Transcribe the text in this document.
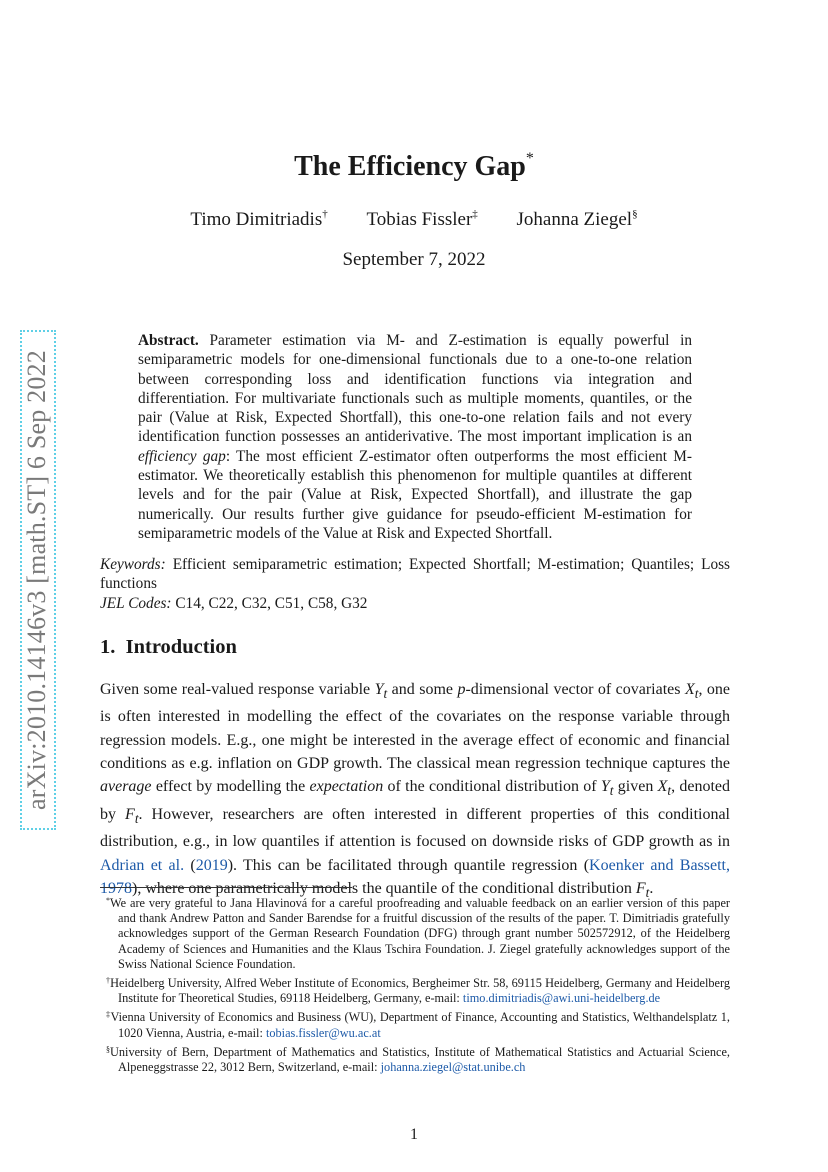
arXiv:2010.14146v3 [math.ST] 6 Sep 2022
The Efficiency Gap*
Timo Dimitriadis† Tobias Fissler‡ Johanna Ziegel§
September 7, 2022
Abstract. Parameter estimation via M- and Z-estimation is equally powerful in semiparametric models for one-dimensional functionals due to a one-to-one relation between corresponding loss and identification functions via integration and differentiation. For multivariate functionals such as multiple moments, quantiles, or the pair (Value at Risk, Expected Shortfall), this one-to-one relation fails and not every identification function possesses an antiderivative. The most important implication is an efficiency gap: The most efficient Z-estimator often outperforms the most efficient M-estimator. We theoretically establish this phenomenon for multiple quantiles at different levels and for the pair (Value at Risk, Expected Shortfall), and illustrate the gap numerically. Our results further give guidance for pseudo-efficient M-estimation for semiparametric models of the Value at Risk and Expected Shortfall.
Keywords: Efficient semiparametric estimation; Expected Shortfall; M-estimation; Quantiles; Loss functions
JEL Codes: C14, C22, C32, C51, C58, G32
1. Introduction
Given some real-valued response variable $Y_t$ and some p-dimensional vector of covariates $X_t$, one is often interested in modelling the effect of the covariates on the response variable through regression models. E.g., one might be interested in the average effect of economic and financial conditions as e.g. inflation on GDP growth. The classical mean regression technique captures the average effect by modelling the expectation of the conditional distribution of $Y_t$ given $X_t$, denoted by $F_t$. However, researchers are often interested in different properties of this conditional distribution, e.g., in low quantiles if attention is focused on downside risks of GDP growth as in Adrian et al. (2019). This can be facilitated through quantile regression (Koenker and Bassett, 1978), where one parametrically models the quantile of the conditional distribution $F_t$.
*We are very grateful to Jana Hlavinová for a careful proofreading and valuable feedback on an earlier version of this paper and thank Andrew Patton and Sander Barendse for a fruitful discussion of the results of the paper. T. Dimitriadis gratefully acknowledges support of the German Research Foundation (DFG) through grant number 502572912, of the Heidelberg Academy of Sciences and Humanities and the Klaus Tschira Foundation. J. Ziegel gratefully acknowledges support of the Swiss National Science Foundation.
†Heidelberg University, Alfred Weber Institute of Economics, Bergheimer Str. 58, 69115 Heidelberg, Germany and Heidelberg Institute for Theoretical Studies, 69118 Heidelberg, Germany, e-mail: timo.dimitriadis@awi.uni-heidelberg.de
‡Vienna University of Economics and Business (WU), Department of Finance, Accounting and Statistics, Welthandelsplatz 1, 1020 Vienna, Austria, e-mail: tobias.fissler@wu.ac.at
§University of Bern, Department of Mathematics and Statistics, Institute of Mathematical Statistics and Actuarial Science, Alpeneggstrasse 22, 3012 Bern, Switzerland, e-mail: johanna.ziegel@stat.unibe.ch
1
